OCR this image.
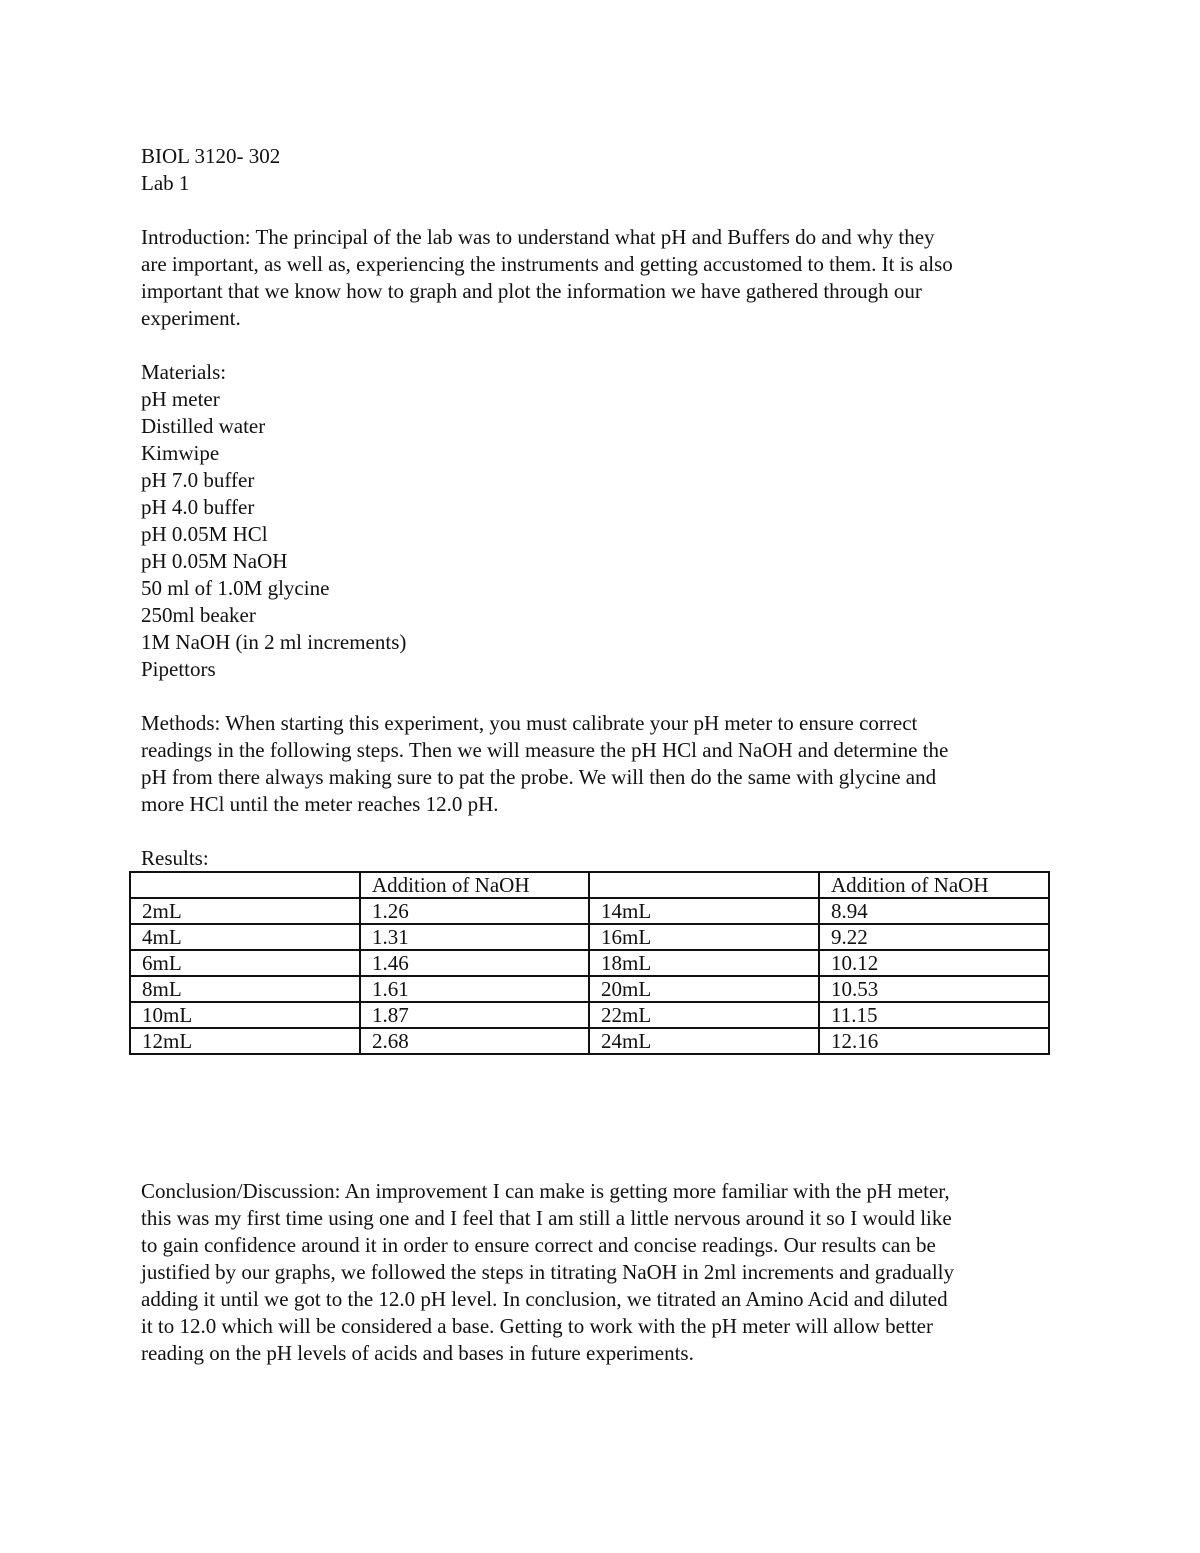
BIOL 3120- 302
Lab 1
Introduction: The principal of the lab was to understand what pH and Buffers do and why they
are important, as well as, experiencing the instruments and getting accustomed to them. It is also
important that we know how to graph and plot the information we have gathered through our
experiment.
Materials:
pH meter
Distilled water
Kimwipe
pH 7.0 buffer
pH 4.0 buffer
pH 0.05M HCl
pH 0.05M NaOH
50 ml of 1.0M glycine
250ml beaker
1M NaOH (in 2 ml increments)
Pipettors
Methods: When starting this experiment, you must calibrate your pH meter to ensure correct
readings in the following steps. Then we will measure the pH HCl and NaOH and determine the
pH from there always making sure to pat the probe. We will then do the same with glycine and
more HCl until the meter reaches 12.0 pH.
Results:
	Addition of NaOH		Addition of NaOH
2mL	1.26	14mL	8.94
4mL	1.31	16mL	9.22
6mL	1.46	18mL	10.12
8mL	1.61	20mL	10.53
10mL	1.87	22mL	11.15
12mL	2.68	24mL	12.16
Conclusion/Discussion: An improvement I can make is getting more familiar with the pH meter,
this was my first time using one and I feel that I am still a little nervous around it so I would like
to gain confidence around it in order to ensure correct and concise readings. Our results can be
justified by our graphs, we followed the steps in titrating NaOH in 2ml increments and gradually
adding it until we got to the 12.0 pH level. In conclusion, we titrated an Amino Acid and diluted
it to 12.0 which will be considered a base. Getting to work with the pH meter will allow better
reading on the pH levels of acids and bases in future experiments.
